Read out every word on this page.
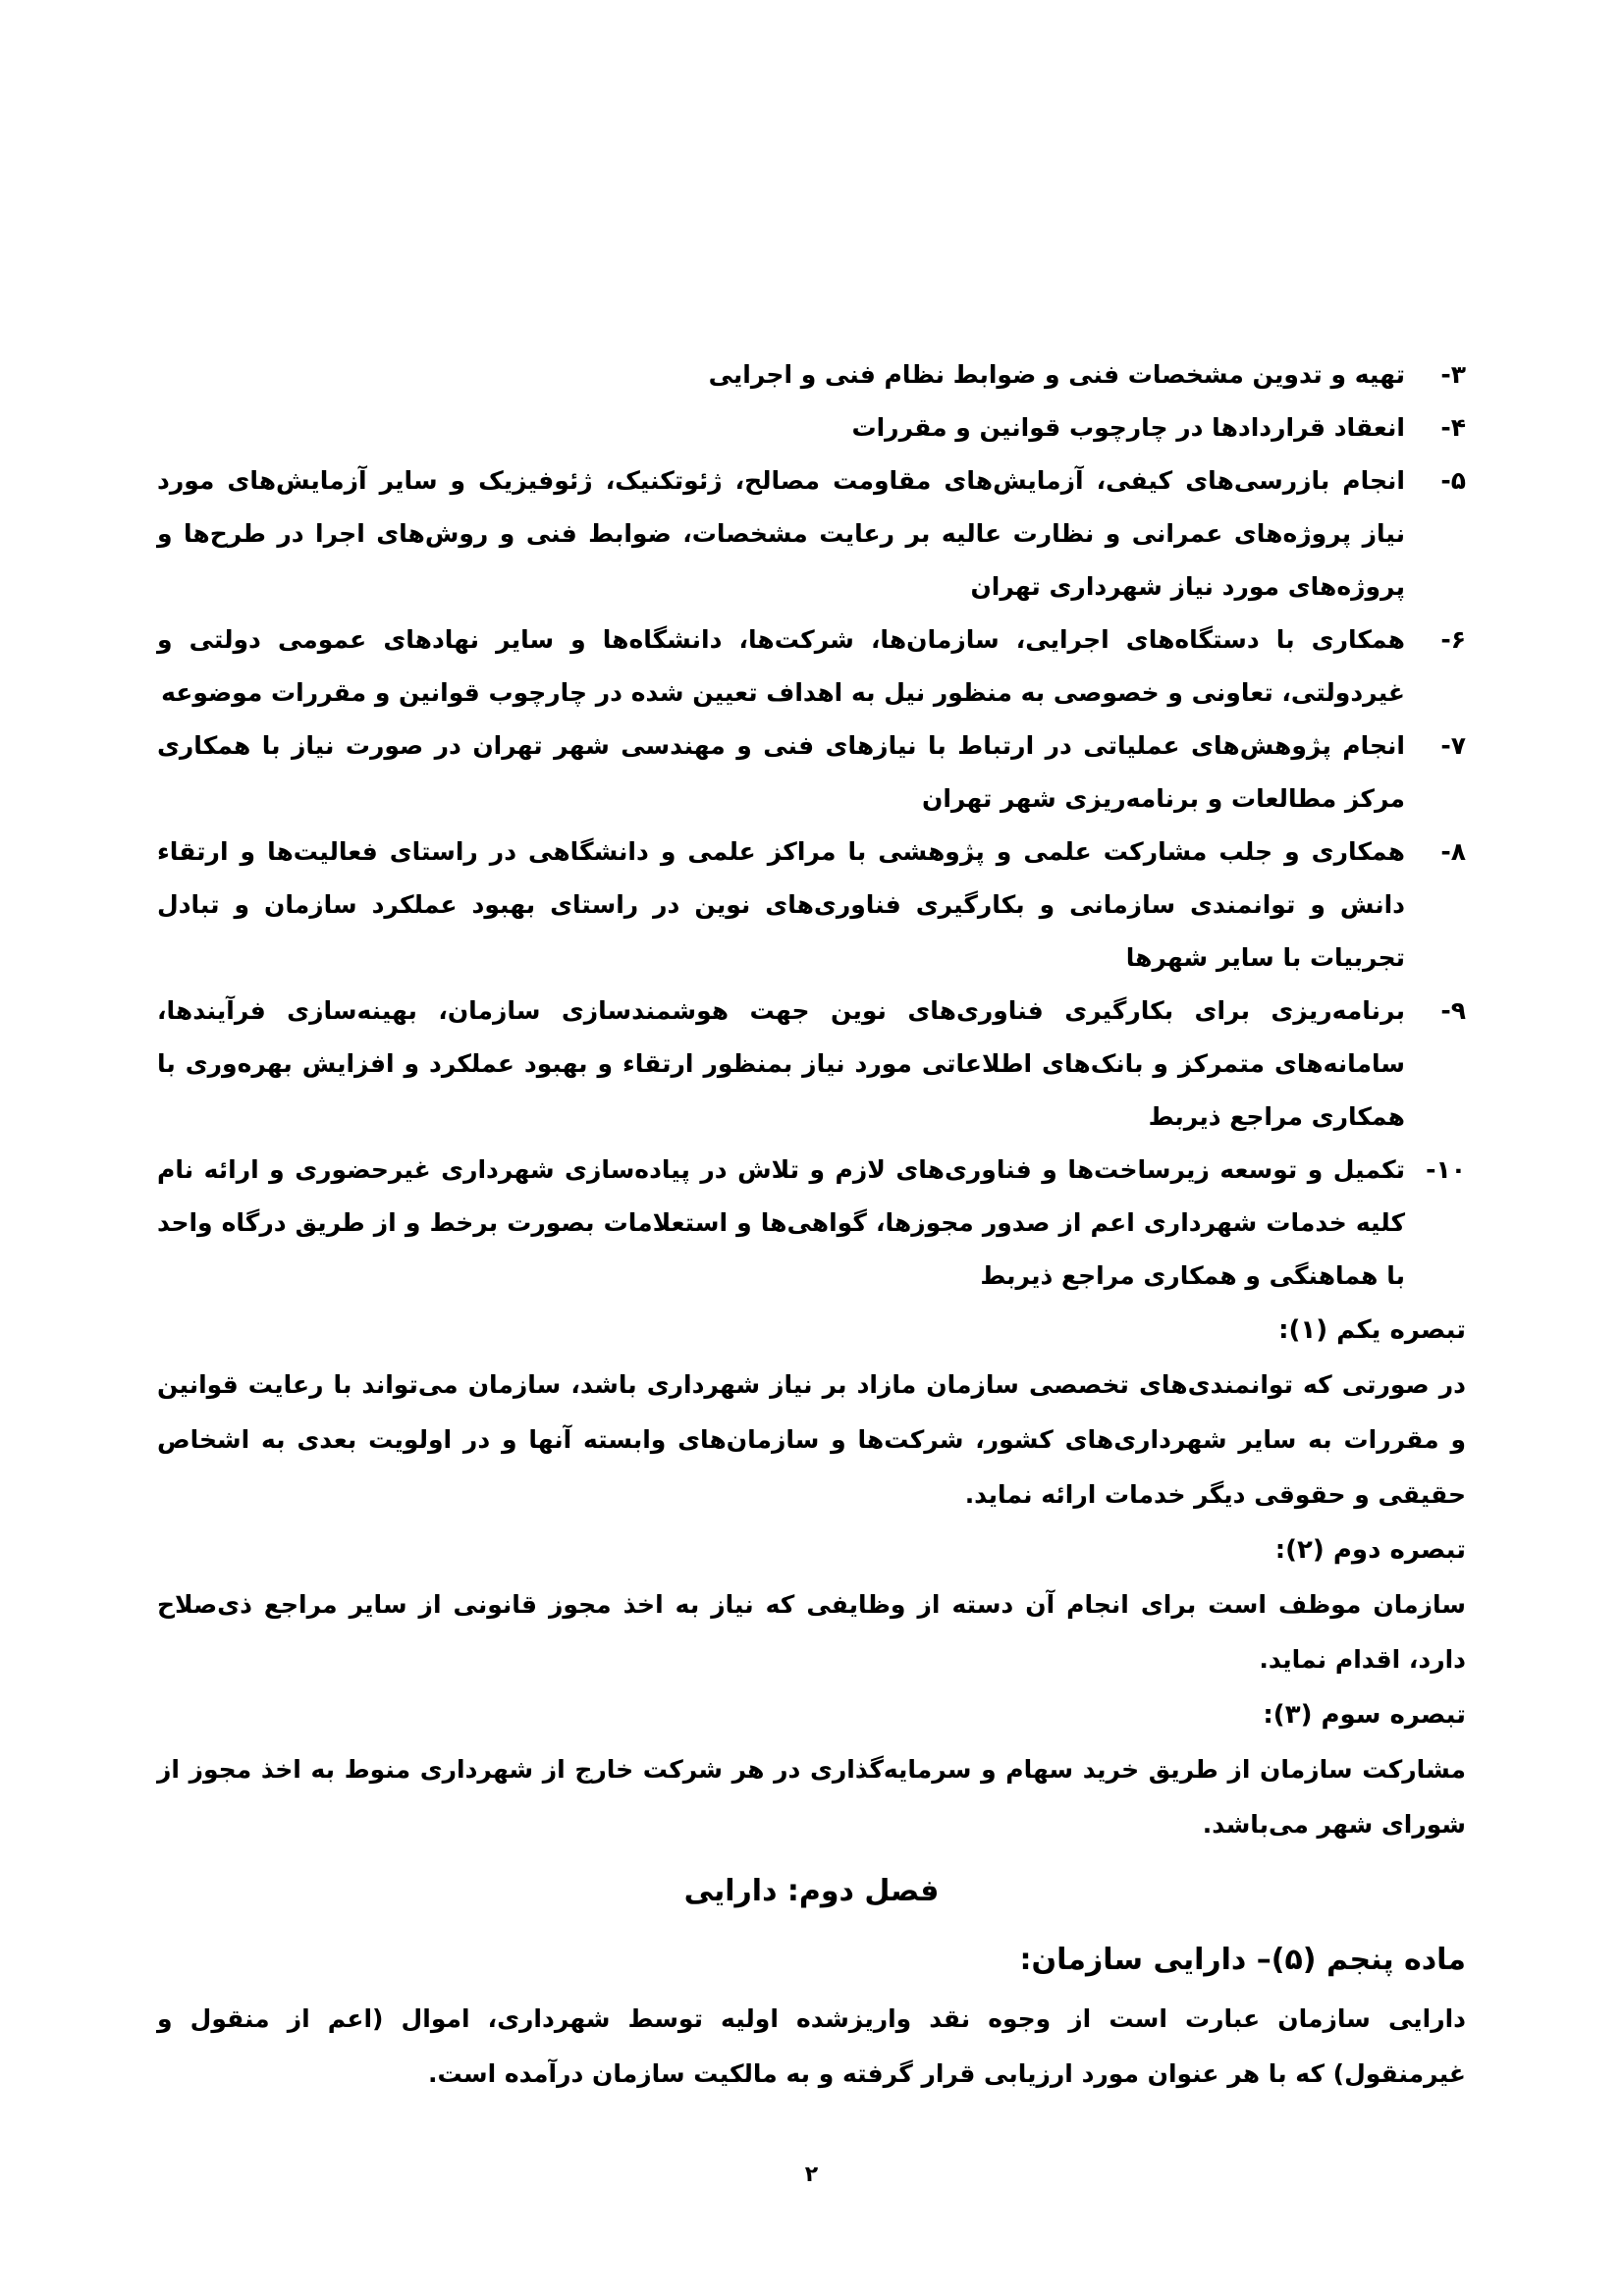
۳-
تهیه و تدوین مشخصات فنی و ضوابط نظام فنی و اجرایی
۴-
انعقاد قراردادها در چارچوب قوانین و مقررات
۵-
انجام بازرسی‌های کیفی، آزمایش‌های مقاومت مصالح، ژئوتکنیک، ژئوفیزیک و سایر آزمایش‌های مورد نیاز پروژه‌های عمرانی و نظارت عالیه بر رعایت مشخصات، ضوابط فنی و روش‌های اجرا در طرح‌ها و پروژه‌های مورد نیاز شهرداری تهران
۶-
همکاری با دستگاه‌های اجرایی، سازمان‌ها، شرکت‌ها، دانشگاه‌ها و سایر نهادهای عمومی دولتی و غیردولتی، تعاونی و خصوصی به منظور نیل به اهداف تعیین شده در چارچوب قوانین و مقررات موضوعه
۷-
انجام پژوهش‌های عملیاتی در ارتباط با نیازهای فنی و مهندسی شهر تهران در صورت نیاز با همکاری مرکز مطالعات و برنامه‌ریزی شهر تهران
۸-
همکاری و جلب مشارکت علمی و پژوهشی با مراکز علمی و دانشگاهی در راستای فعالیت‌ها و ارتقاء دانش و توانمندی سازمانی و بکارگیری فناوری‌های نوین در راستای بهبود عملکرد سازمان و تبادل تجربیات با سایر شهرها
۹-
برنامه‌ریزی برای بکارگیری فناوری‌های نوین جهت هوشمندسازی سازمان، بهینه‌سازی فرآیندها، سامانه‌های متمرکز و بانک‌های اطلاعاتی مورد نیاز بمنظور ارتقاء و بهبود عملکرد و افزایش بهره‌وری با همکاری مراجع ذیربط
۱۰-
تکمیل و توسعه زیرساخت‌ها و فناوری‌های لازم و تلاش در پیاده‌سازی شهرداری غیرحضوری و ارائه نام کلیه خدمات شهرداری اعم از صدور مجوزها، گواهی‌ها و استعلامات بصورت برخط و از طریق درگاه واحد با هماهنگی و همکاری مراجع ذیربط
تبصره یکم (۱):
در صورتی که توانمندی‌های تخصصی سازمان مازاد بر نیاز شهرداری باشد، سازمان می‌تواند با رعایت قوانین و مقررات به سایر شهرداری‌های کشور، شرکت‌ها و سازمان‌های وابسته آنها و در اولویت بعدی به اشخاص حقیقی و حقوقی دیگر خدمات ارائه نماید.
تبصره دوم (۲):
سازمان موظف است برای انجام آن دسته از وظایفی که نیاز به اخذ مجوز قانونی از سایر مراجع ذی‌صلاح دارد، اقدام نماید.
تبصره سوم (۳):
مشارکت سازمان از طریق خرید سهام و سرمایه‌گذاری در هر شرکت خارج از شهرداری منوط به اخذ مجوز از شورای شهر می‌باشد.
فصل دوم: دارایی
ماده پنجم (۵)– دارایی سازمان:
دارایی سازمان عبارت است از وجوه نقد واریزشده اولیه توسط شهرداری، اموال (اعم از منقول و غیرمنقول) که با هر عنوان مورد ارزیابی قرار گرفته و به مالکیت سازمان درآمده است.
۲
